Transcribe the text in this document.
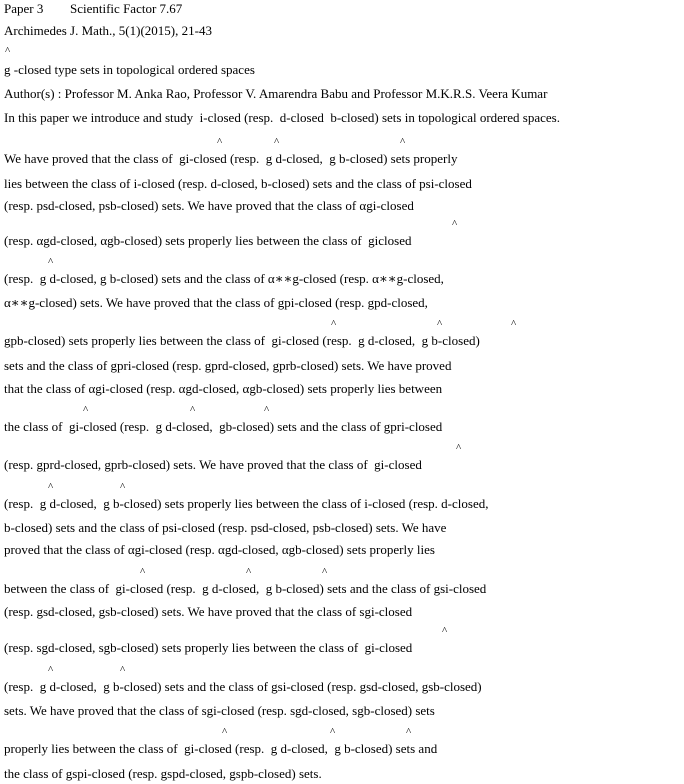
Paper 3 Scientific Factor 7.67
Archimedes J. Math., 5(1)(2015), 21-43
^
g -closed type sets in topological ordered spaces
Author(s) : Professor M. Anka Rao, Professor V. Amarendra Babu and Professor M.K.R.S. Veera Kumar
In this paper we introduce and study  i-closed (resp.  d-closed  b-closed) sets in topological ordered spaces.
We have proved that the class of  gi-closed (resp.  g d-closed,  g b-closed) sets properly
^	^	^
lies between the class of i-closed (resp. d-closed, b-closed) sets and the class of psi-closed
(resp. psd-closed, psb-closed) sets. We have proved that the class of αgi-closed
(resp. αgd-closed, αgb-closed) sets properly lies between the class of  giclosed
^
(resp.  g d-closed, g b-closed) sets and the class of α∗∗g-closed (resp. α∗∗g-closed,
^
α∗∗g-closed) sets. We have proved that the class of gpi-closed (resp. gpd-closed,
gpb-closed) sets properly lies between the class of  gi-closed (resp.  g d-closed,  g b-closed)
^	^	^
sets and the class of gpri-closed (resp. gprd-closed, gprb-closed) sets. We have proved
that the class of αgi-closed (resp. αgd-closed, αgb-closed) sets properly lies between
the class of  gi-closed (resp.  g d-closed,  gb-closed) sets and the class of gpri-closed
^	^	^
(resp. gprd-closed, gprb-closed) sets. We have proved that the class of  gi-closed
^
(resp.  g d-closed,  g b-closed) sets properly lies between the class of i-closed (resp. d-closed,
^	^
b-closed) sets and the class of psi-closed (resp. psd-closed, psb-closed) sets. We have
proved that the class of αgi-closed (resp. αgd-closed, αgb-closed) sets properly lies
between the class of  gi-closed (resp.  g d-closed,  g b-closed) sets and the class of gsi-closed
^	^	^
(resp. gsd-closed, gsb-closed) sets. We have proved that the class of sgi-closed
(resp. sgd-closed, sgb-closed) sets properly lies between the class of  gi-closed
^
(resp.  g d-closed,  g b-closed) sets and the class of gsi-closed (resp. gsd-closed, gsb-closed)
^	^
sets. We have proved that the class of sgi-closed (resp. sgd-closed, sgb-closed) sets
properly lies between the class of  gi-closed (resp.  g d-closed,  g b-closed) sets and
^	^	^
the class of gspi-closed (resp. gspd-closed, gspb-closed) sets.
